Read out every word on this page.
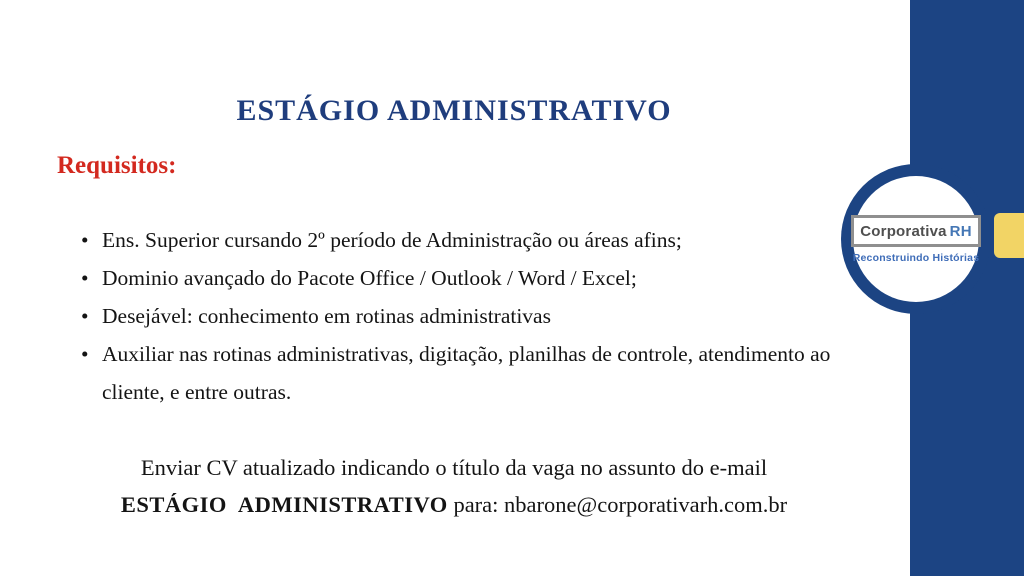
ESTÁGIO ADMINISTRATIVO
Requisitos:
• Ens. Superior cursando 2º período de Administração ou áreas afins;
• Dominio avançado do Pacote Office / Outlook / Word / Excel;
• Desejável: conhecimento em rotinas administrativas
• Auxiliar nas rotinas administrativas, digitação, planilhas de controle, atendimento ao cliente, e entre outras.
Enviar CV atualizado indicando o título da vaga no assunto do e-mail
ESTÁGIO  ADMINISTRATIVO para: nbarone@corporativarh.com.br
Corporativa RH
Reconstruindo Histórias
